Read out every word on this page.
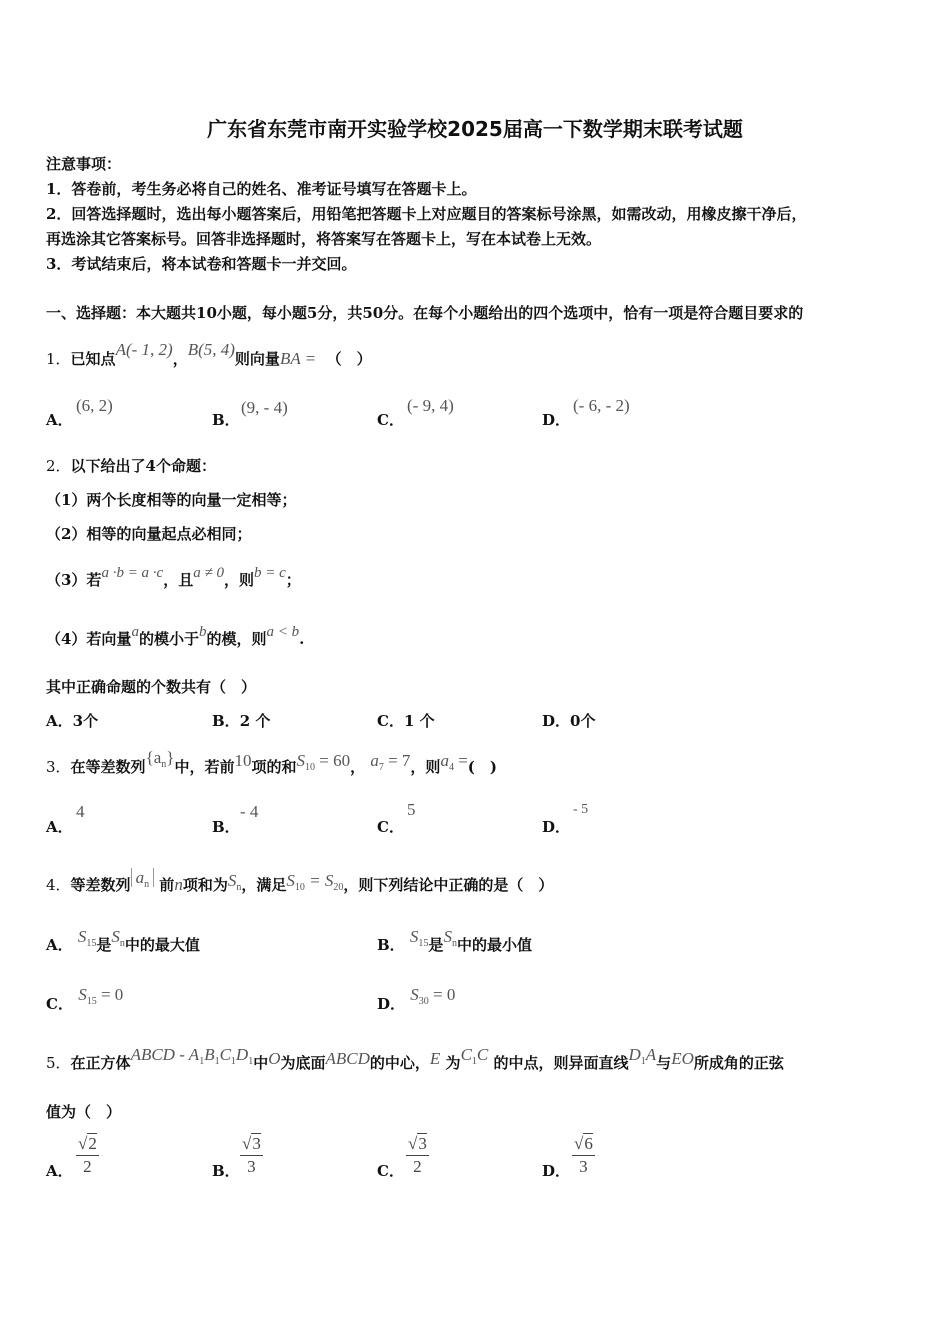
广东省东莞市南开实验学校2025届高一下数学期末联考试题
注意事项：
1．答卷前，考生务必将自己的姓名、准考证号填写在答题卡上。
2．回答选择题时，选出每小题答案后，用铅笔把答题卡上对应题目的答案标号涂黑，如需改动，用橡皮擦干净后，
再选涂其它答案标号。回答非选择题时，将答案写在答题卡上，写在本试卷上无效。
3．考试结束后，将本试卷和答题卡一并交回。
一、选择题：本大题共10小题，每小题5分，共50分。在每个小题给出的四个选项中，恰有一项是符合题目要求的
1．已知点A(- 1, 2)，B(5, 4)则向量BA = （　）
A．
(6, 2)
B．
(9, - 4)
C．
(- 9, 4)
D．
(- 6, - 2)
2．以下给出了4个命题：
（1）两个长度相等的向量一定相等；
（2）相等的向量起点必相同；
（3）若a ·b = a ·c，且a ≠ 0，则b = c；
（4）若向量a的模小于b的模，则a < b.
其中正确命题的个数共有（　）
A．3个	B．2 个	C．1 个	D．0个
3．在等差数列$\{a_n\}$中，若前10项的和$S_{10} = 60$， $a_7 = 7$，则$a_4$ =(　)
A．
4
B．
- 4
C．
5
D．
- 5
4．等差数列 $a_n$ 前n项和为$S_n$，满足$S_{10} = S_{20}$，则下列结论中正确的是（　）
A． $S_{15}$是$S_n$中的最大值	B． $S_{15}$是$S_n$中的最小值
C． $S_{15} = 0$	D． $S_{30} = 0$
5．在正方体ABCD - $A_1B_1C_1D_1$中O为底面ABCD的中心，E 为$C_1C$ 的中点，则异面直线$D_1A$与EO所成角的正弦
值为（　）
A． $\frac{√2}{2}$	B． $\frac{√3}{3}$	C． $\frac{√3}{2}$	D． $\frac{√6}{3}$
